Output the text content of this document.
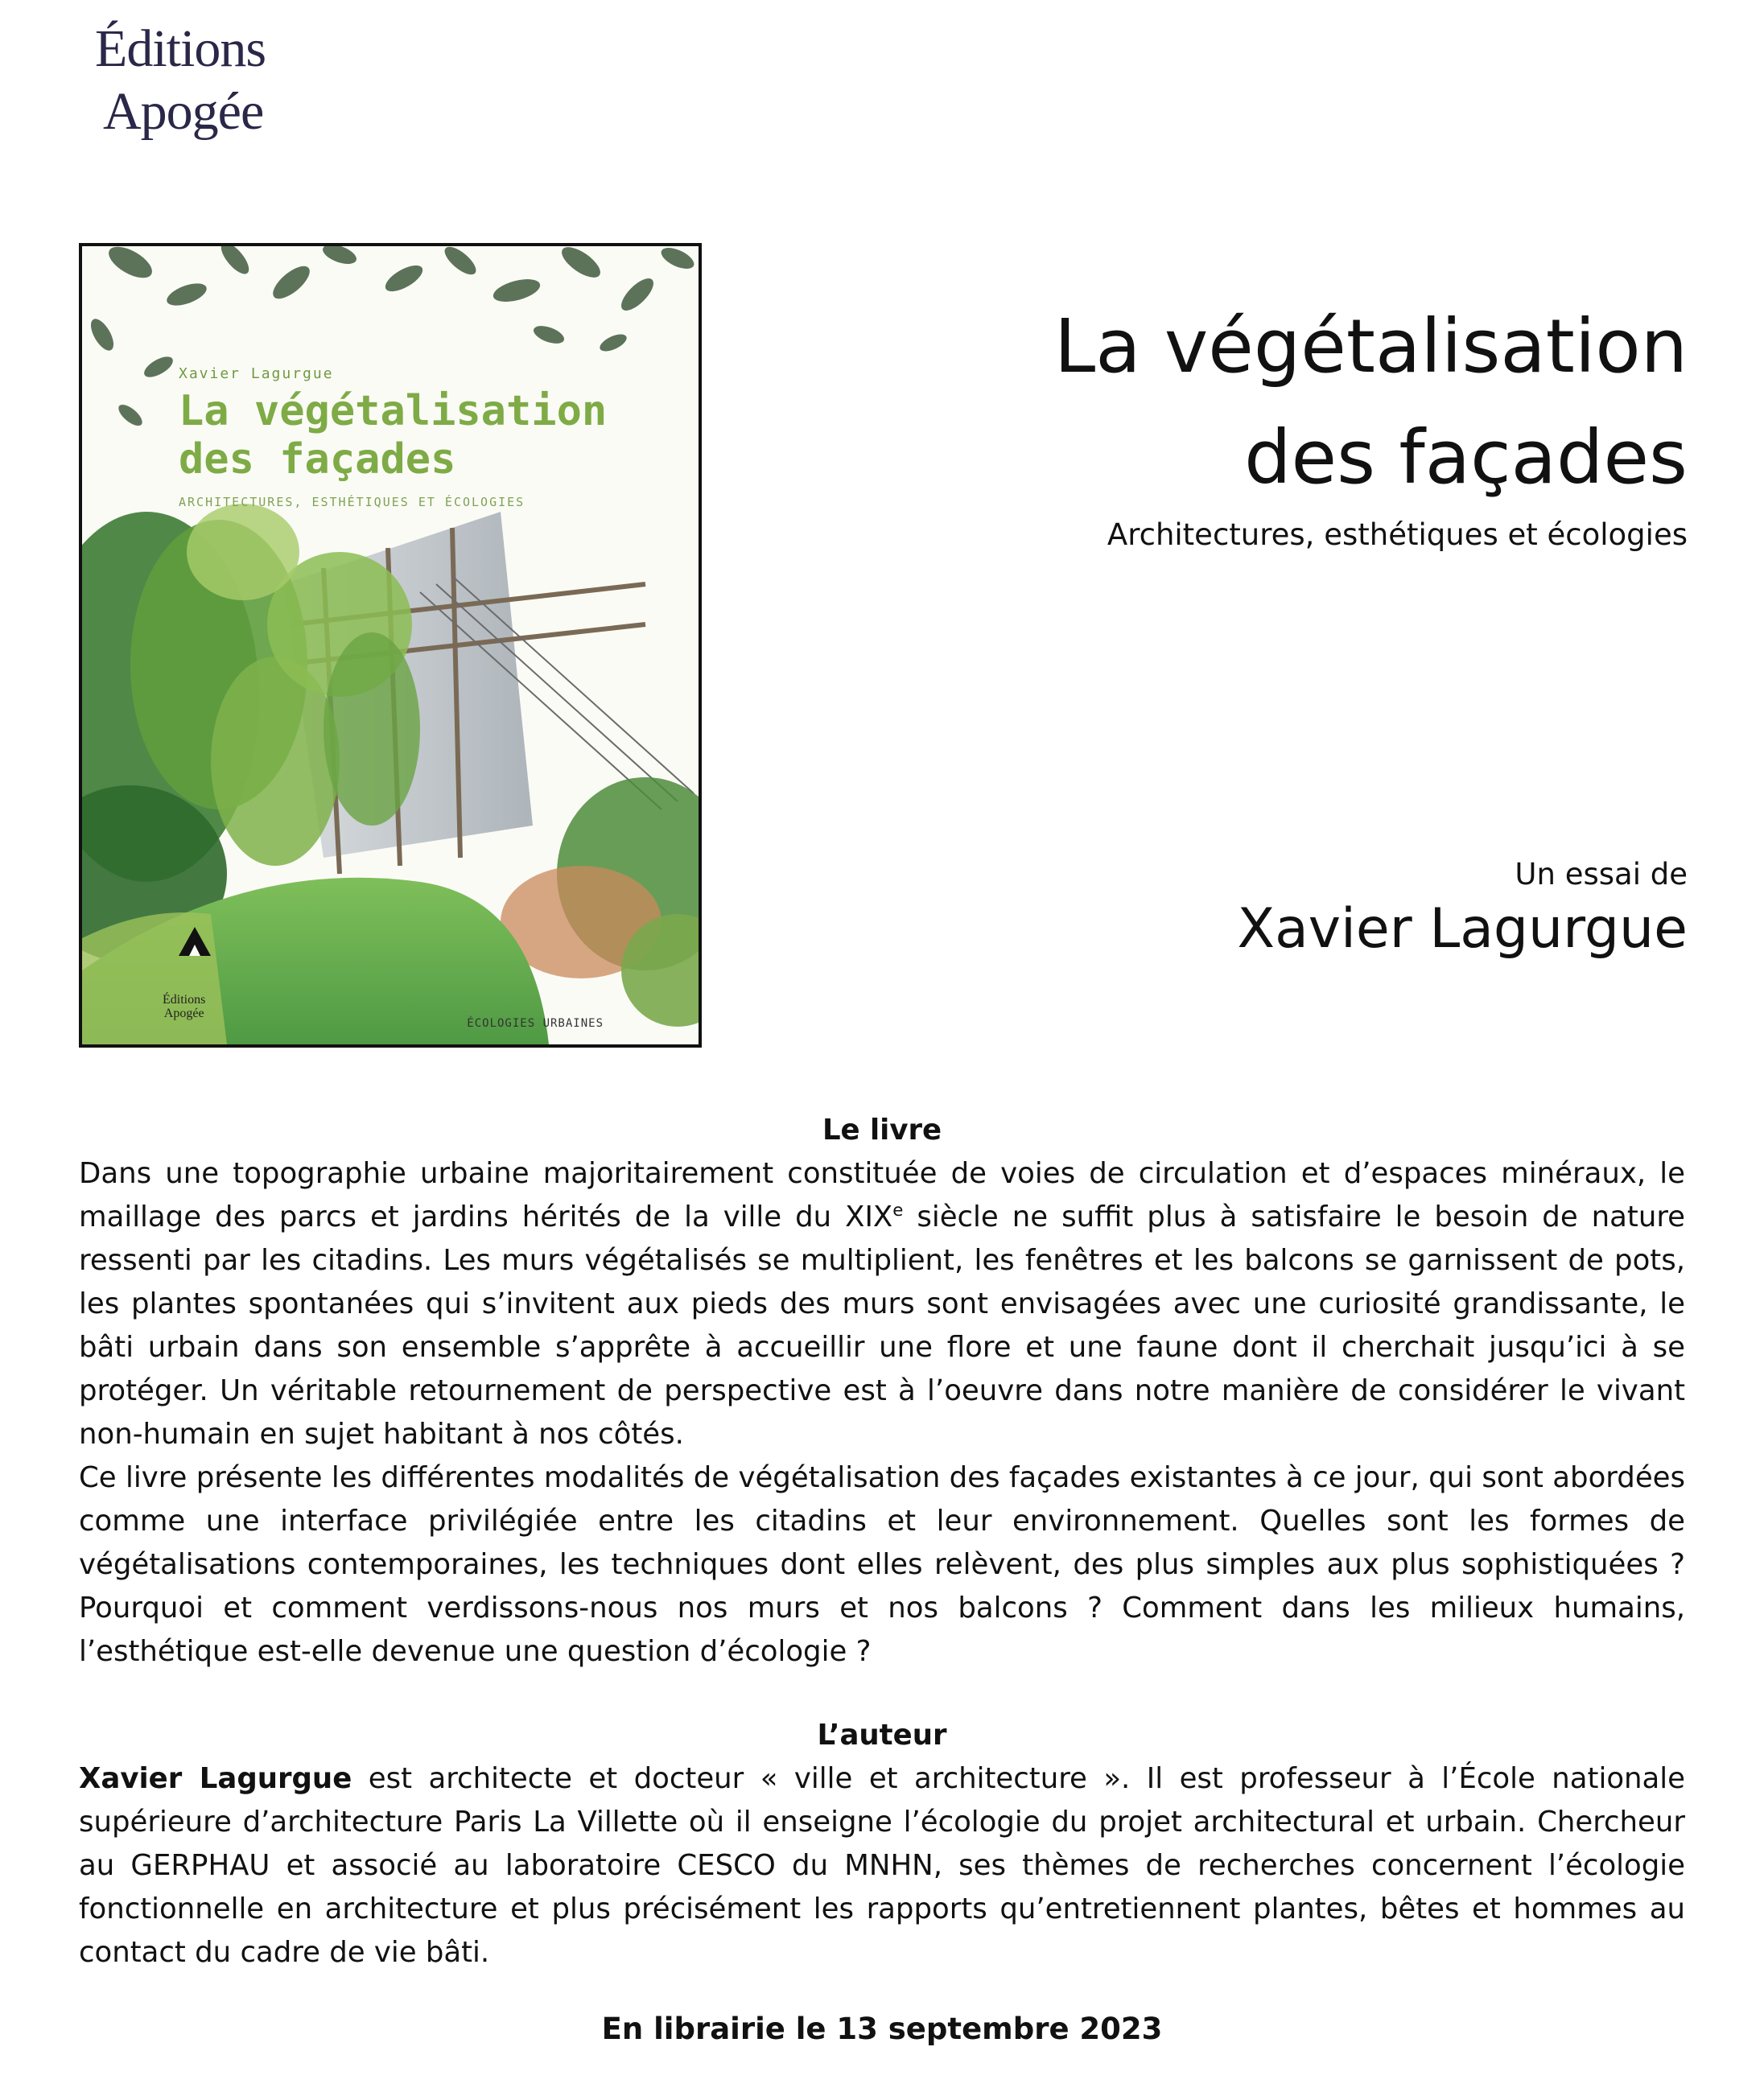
Éditions
Apogée
Xavier Lagurgue
La végétalisation des façades
ARCHITECTURES, ESTHÉTIQUES ET ÉCOLOGIES
Éditions
Apogée
ÉCOLOGIES URBAINES
La végétalisation
des façades
Architectures, esthétiques et écologies
Un essai de
Xavier Lagurgue
Le livre

Dans une topographie urbaine majoritairement constituée de voies de circulation et d’espaces minéraux, le maillage des parcs et jardins hérités de la ville du XIXe siècle ne suffit plus à satisfaire le besoin de nature ressenti par les citadins. Les murs végétalisés se multiplient, les fenêtres et les balcons se garnissent de pots, les plantes spontanées qui s’invitent aux pieds des murs sont envisagées avec une curiosité grandissante, le bâti urbain dans son ensemble s’apprête à accueillir une flore et une faune dont il cherchait jusqu’ici à se protéger. Un véritable retournement de perspective est à l’oeuvre dans notre manière de considérer le vivant non-humain en sujet habitant à nos côtés.

Ce livre présente les différentes modalités de végétalisation des façades existantes à ce jour, qui sont abordées comme une interface privilégiée entre les citadins et leur environnement. Quelles sont les formes de végétalisations contemporaines, les techniques dont elles relèvent, des plus simples aux plus sophistiquées ? Pourquoi et comment verdissons-nous nos murs et nos balcons ? Comment dans les milieux humains, l’esthétique est-elle devenue une question d’écologie ?

L’auteur

Xavier Lagurgue est architecte et docteur « ville et architecture ». Il est professeur à l’École nationale supérieure d’architecture Paris La Villette où il enseigne l’écologie du projet architectural et urbain. Chercheur au GERPHAU et associé au laboratoire CESCO du MNHN, ses thèmes de recherches concernent l’écologie fonctionnelle en architecture et plus précisément les rapports qu’entretiennent plantes, bêtes et hommes au contact du cadre de vie bâti.

En librairie le 13 septembre 2023
